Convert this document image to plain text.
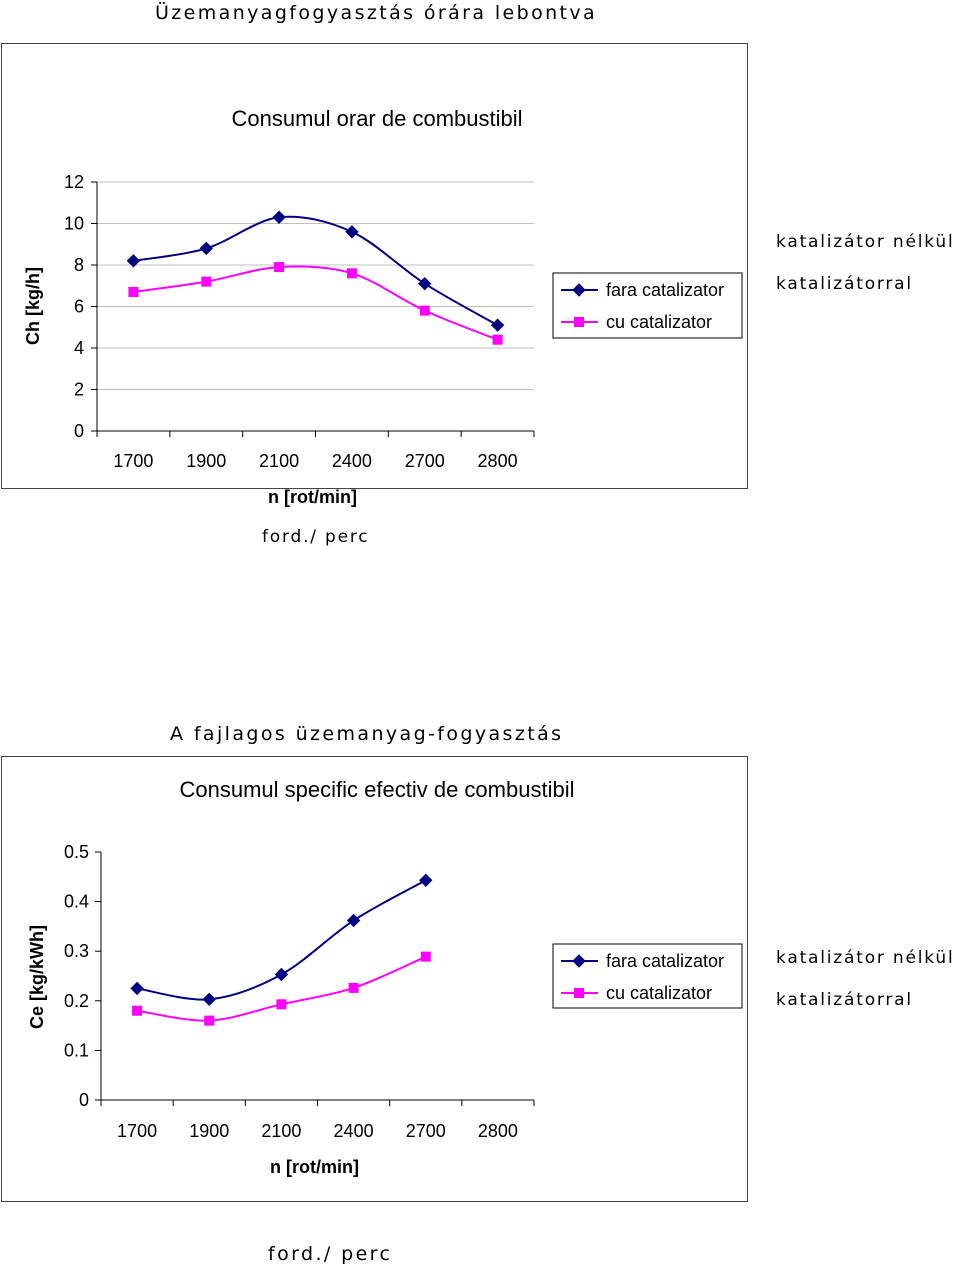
Üzemanyagfogyasztás órára lebontva
Consumul orar de combustibil
0
2
4
6
8
10
12
1700 1900 2100 2400 2700 2800
n [rot/min]
Ch [kg/h]	fara catalizator
cu catalizator
katalizátor nélkül
katalizátorral
ford./ perc
A fajlagos üzemanyag-fogyasztás
Consumul specific efectiv de combustibil
0
0.1
0.2
0.3
0.4
0.5
1700 1900 2100 2400 2700 2800
n [rot/min]
Ce [kg/kWh]	fara catalizator
cu catalizator
katalizátor nélkül
katalizátorral
ford./ perc
